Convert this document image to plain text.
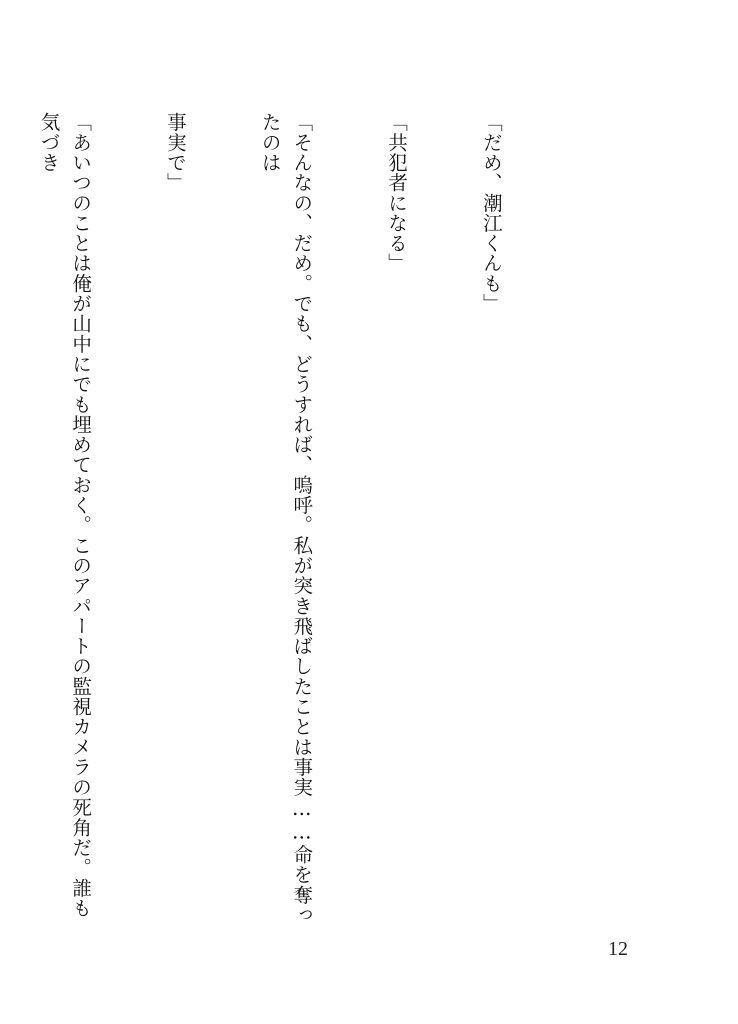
「だめ、潮江くんも」

「共犯者になる」

「そんなの、だめ。でも、どうすれば、嗚呼。私が突き飛ばしたことは事実……命を奪ったのは

事実で」

「あいつのことは俺が山中にでも埋めておく。このアパートの監視カメラの死角だ。誰も気づき

12
